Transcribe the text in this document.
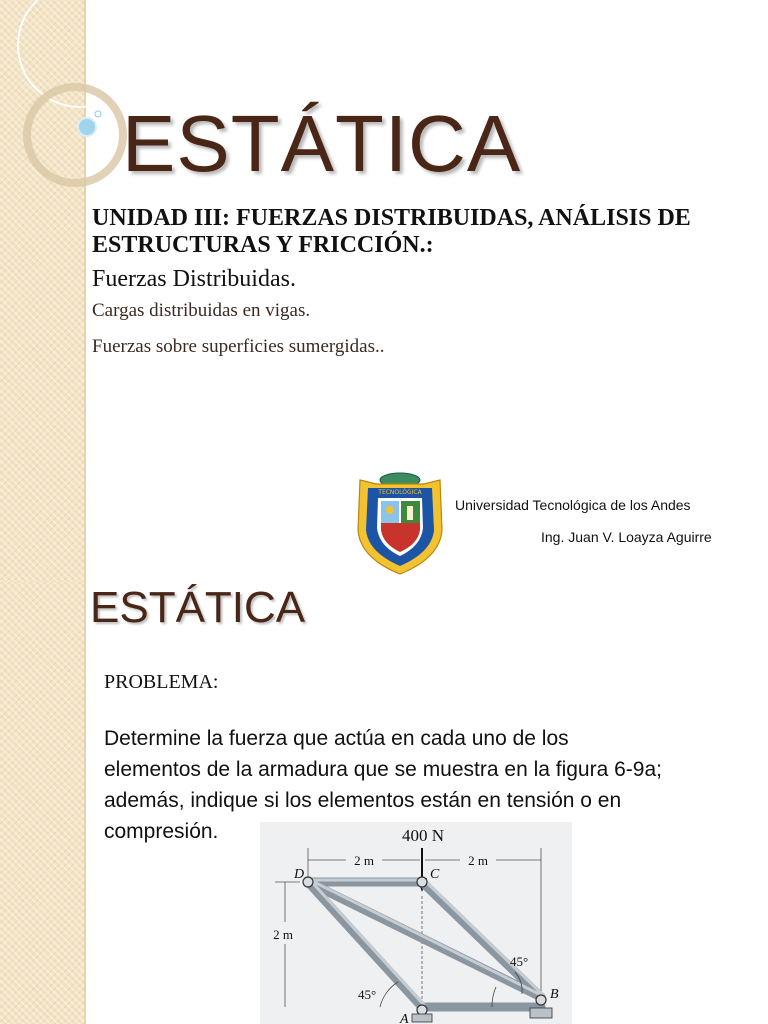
ESTÁTICA
UNIDAD III: FUERZAS DISTRIBUIDAS, ANÁLISIS DE ESTRUCTURAS Y FRICCIÓN.:

Fuerzas Distribuidas.

Cargas distribuidas en vigas.

Fuerzas sobre superficies sumergidas..

TECNOLÓGICA

Universidad Tecnológica de los Andes

Ing. Juan V. Loayza Aguirre

ESTÁTICA

PROBLEMA:

Determine la fuerza que actúa en cada uno de los elementos de la armadura que se muestra en la figura 6-9a; además, indique si los elementos están en tensión o en compresión.	400 N
2 m	2 m
2 m
D	C
A
B
45°
45°
